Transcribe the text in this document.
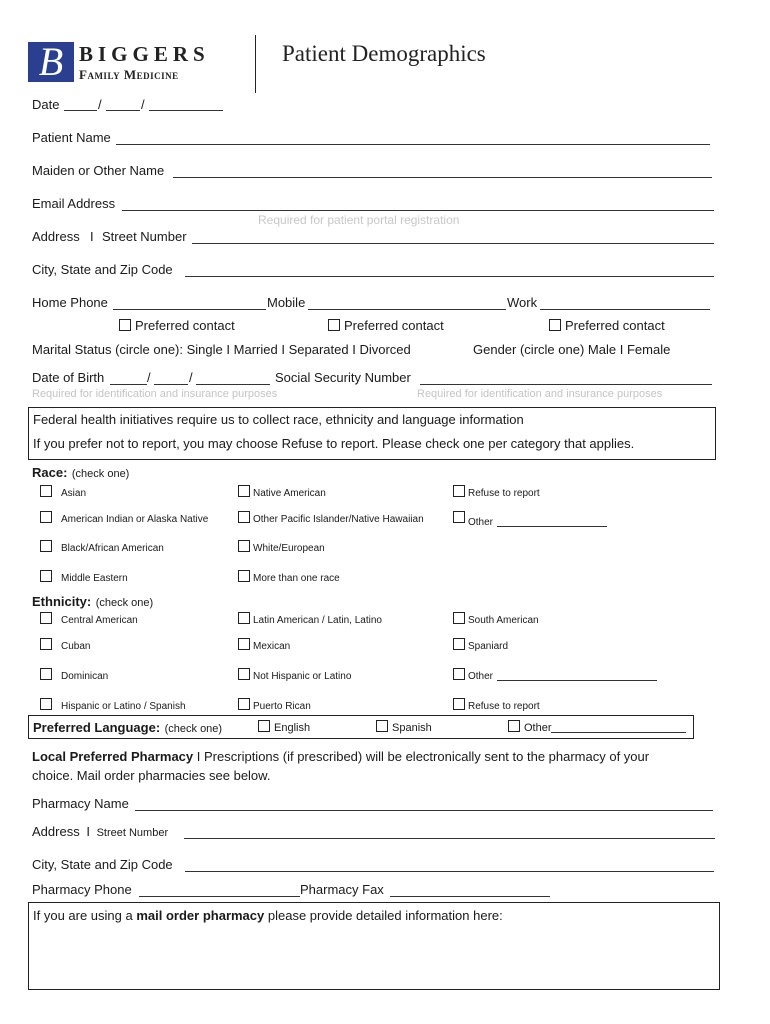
B BIGGERS
Family Medicine
Patient Demographics
Date	/	/
Patient Name
Maiden or Other Name
Email Address
Required for patient portal registration
Address I Street Number
City, State and Zip Code
Home Phone	Mobile	Work
Preferred contact	Preferred contact	Preferred contact
Marital Status (circle one): Single I Married I Separated I Divorced	Gender (circle one) Male I Female
Date of Birth	/	/	Social Security Number
Required for identification and insurance purposes	Required for identification and insurance purposes
Federal health initiatives require us to collect race, ethnicity and language information
If you prefer not to report, you may choose Refuse to report. Please check one per category that applies.
Race: (check one)
Asian
American Indian or Alaska Native
Black/African American
Middle Eastern
Native American
Other Pacific Islander/Native Hawaiian
White/European
More than one race
Refuse to report
Other
Ethnicity: (check one)
Central American
Cuban
Dominican
Hispanic or Latino / Spanish
Latin American / Latin, Latino
Mexican
Not Hispanic or Latino
Puerto Rican
South American
Spaniard
Other
Refuse to report
Preferred Language: (check one)	English	Spanish	Other
Local Preferred Pharmacy I Prescriptions (if prescribed) will be electronically sent to the pharmacy of your
choice. Mail order pharmacies see below.
Pharmacy Name
Address I Street Number
City, State and Zip Code
Pharmacy Phone	Pharmacy Fax
If you are using a mail order pharmacy please provide detailed information here:
